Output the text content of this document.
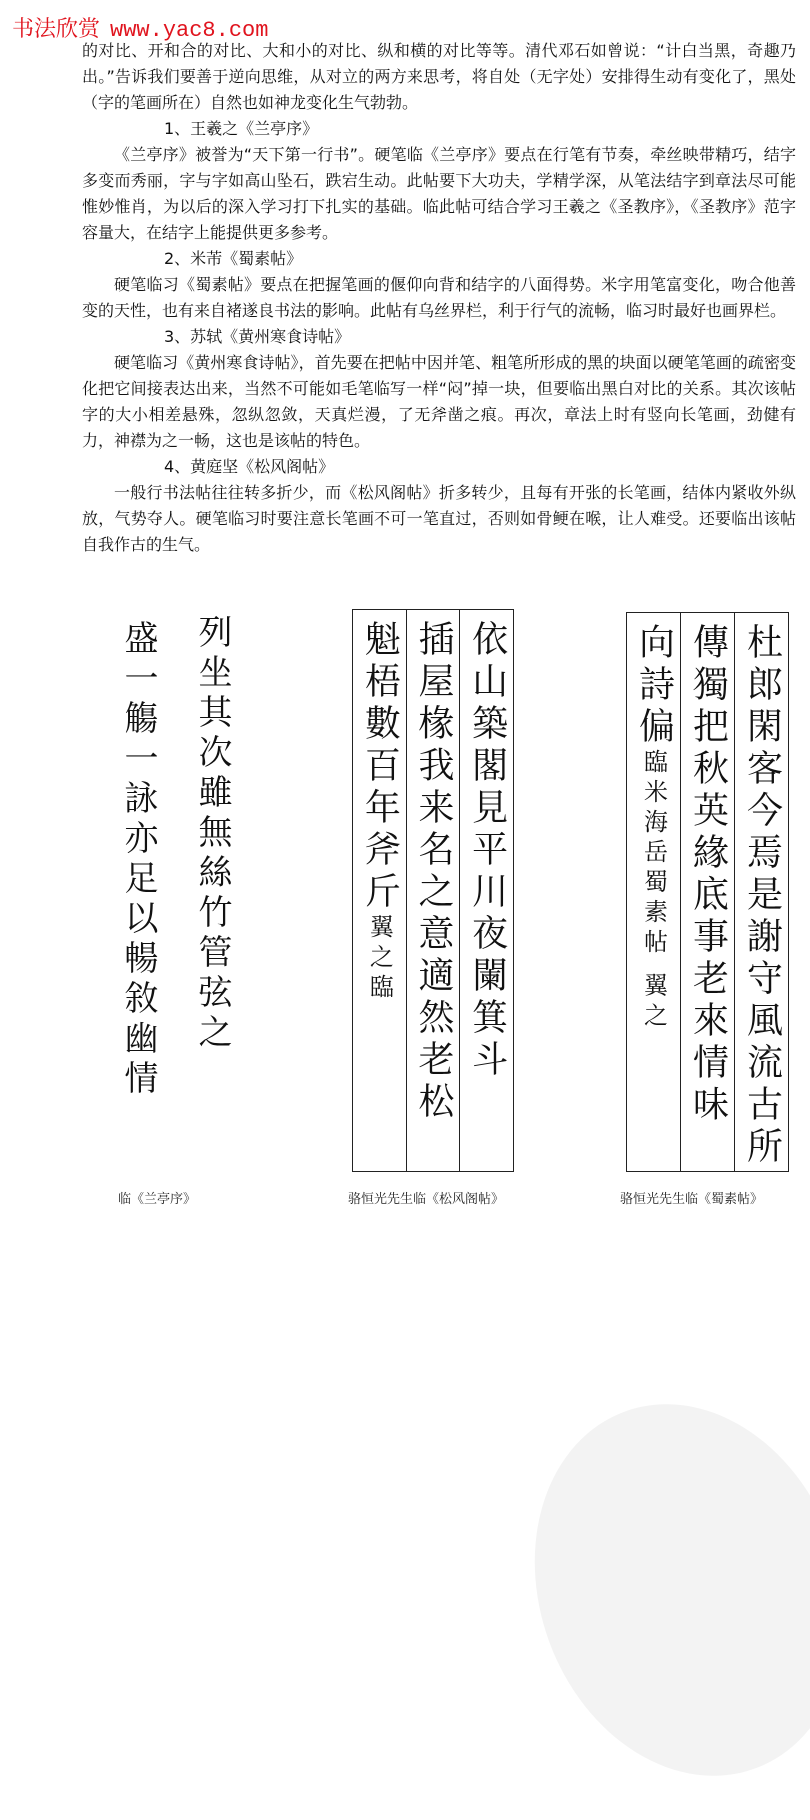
书法欣赏 www.yac8.com

的对比、开和合的对比、大和小的对比、纵和横的对比等等。清代邓石如曾说：“计白当黑，奇趣乃出。”告诉我们要善于逆向思维，从对立的两方来思考，将自处（无字处）安排得生动有变化了，黑处（字的笔画所在）自然也如神龙变化生气勃勃。

1、王羲之《兰亭序》

《兰亭序》被誉为“天下第一行书”。硬笔临《兰亭序》要点在行笔有节奏，牵丝映带精巧，结字多变而秀丽，字与字如高山坠石，跌宕生动。此帖要下大功夫，学精学深，从笔法结字到章法尽可能惟妙惟肖，为以后的深入学习打下扎实的基础。临此帖可结合学习王羲之《圣教序》，《圣教序》范字容量大，在结字上能提供更多参考。

2、米芾《蜀素帖》

硬笔临习《蜀素帖》要点在把握笔画的偃仰向背和结字的八面得势。米字用笔富变化，吻合他善变的天性，也有来自褚遂良书法的影响。此帖有乌丝界栏，利于行气的流畅，临习时最好也画界栏。

3、苏轼《黄州寒食诗帖》

硬笔临习《黄州寒食诗帖》，首先要在把帖中因并笔、粗笔所形成的黑的块面以硬笔笔画的疏密变化把它间接表达出来，当然不可能如毛笔临写一样“闷”掉一块，但要临出黑白对比的关系。其次该帖字的大小相差悬殊，忽纵忽敛，天真烂漫，了无斧凿之痕。再次，章法上时有竖向长笔画，劲健有力，神襟为之一畅，这也是该帖的特色。

4、黄庭坚《松风阁帖》

一般行书法帖往往转多折少，而《松风阁帖》折多转少，且每有开张的长笔画，结体内紧收外纵放，气势夺人。硬笔临习时要注意长笔画不可一笔直过，否则如骨鲠在喉，让人难受。还要临出该帖自我作古的生气。

列坐其次雖無絲竹管弦之
盛一觴一詠亦足以暢敘幽情	魁梧數百年斧斤翼之臨 插屋椽我来名之意適然老松 依山築閣見平川夜闌箕斗	向詩偏臨米海岳蜀素帖 翼之 傳獨把秋英緣底事老來情味 杜郎閑客今焉是謝守風流古所
临《兰亭序》	骆恒光先生临《松风阁帖》	骆恒光先生临《蜀素帖》
